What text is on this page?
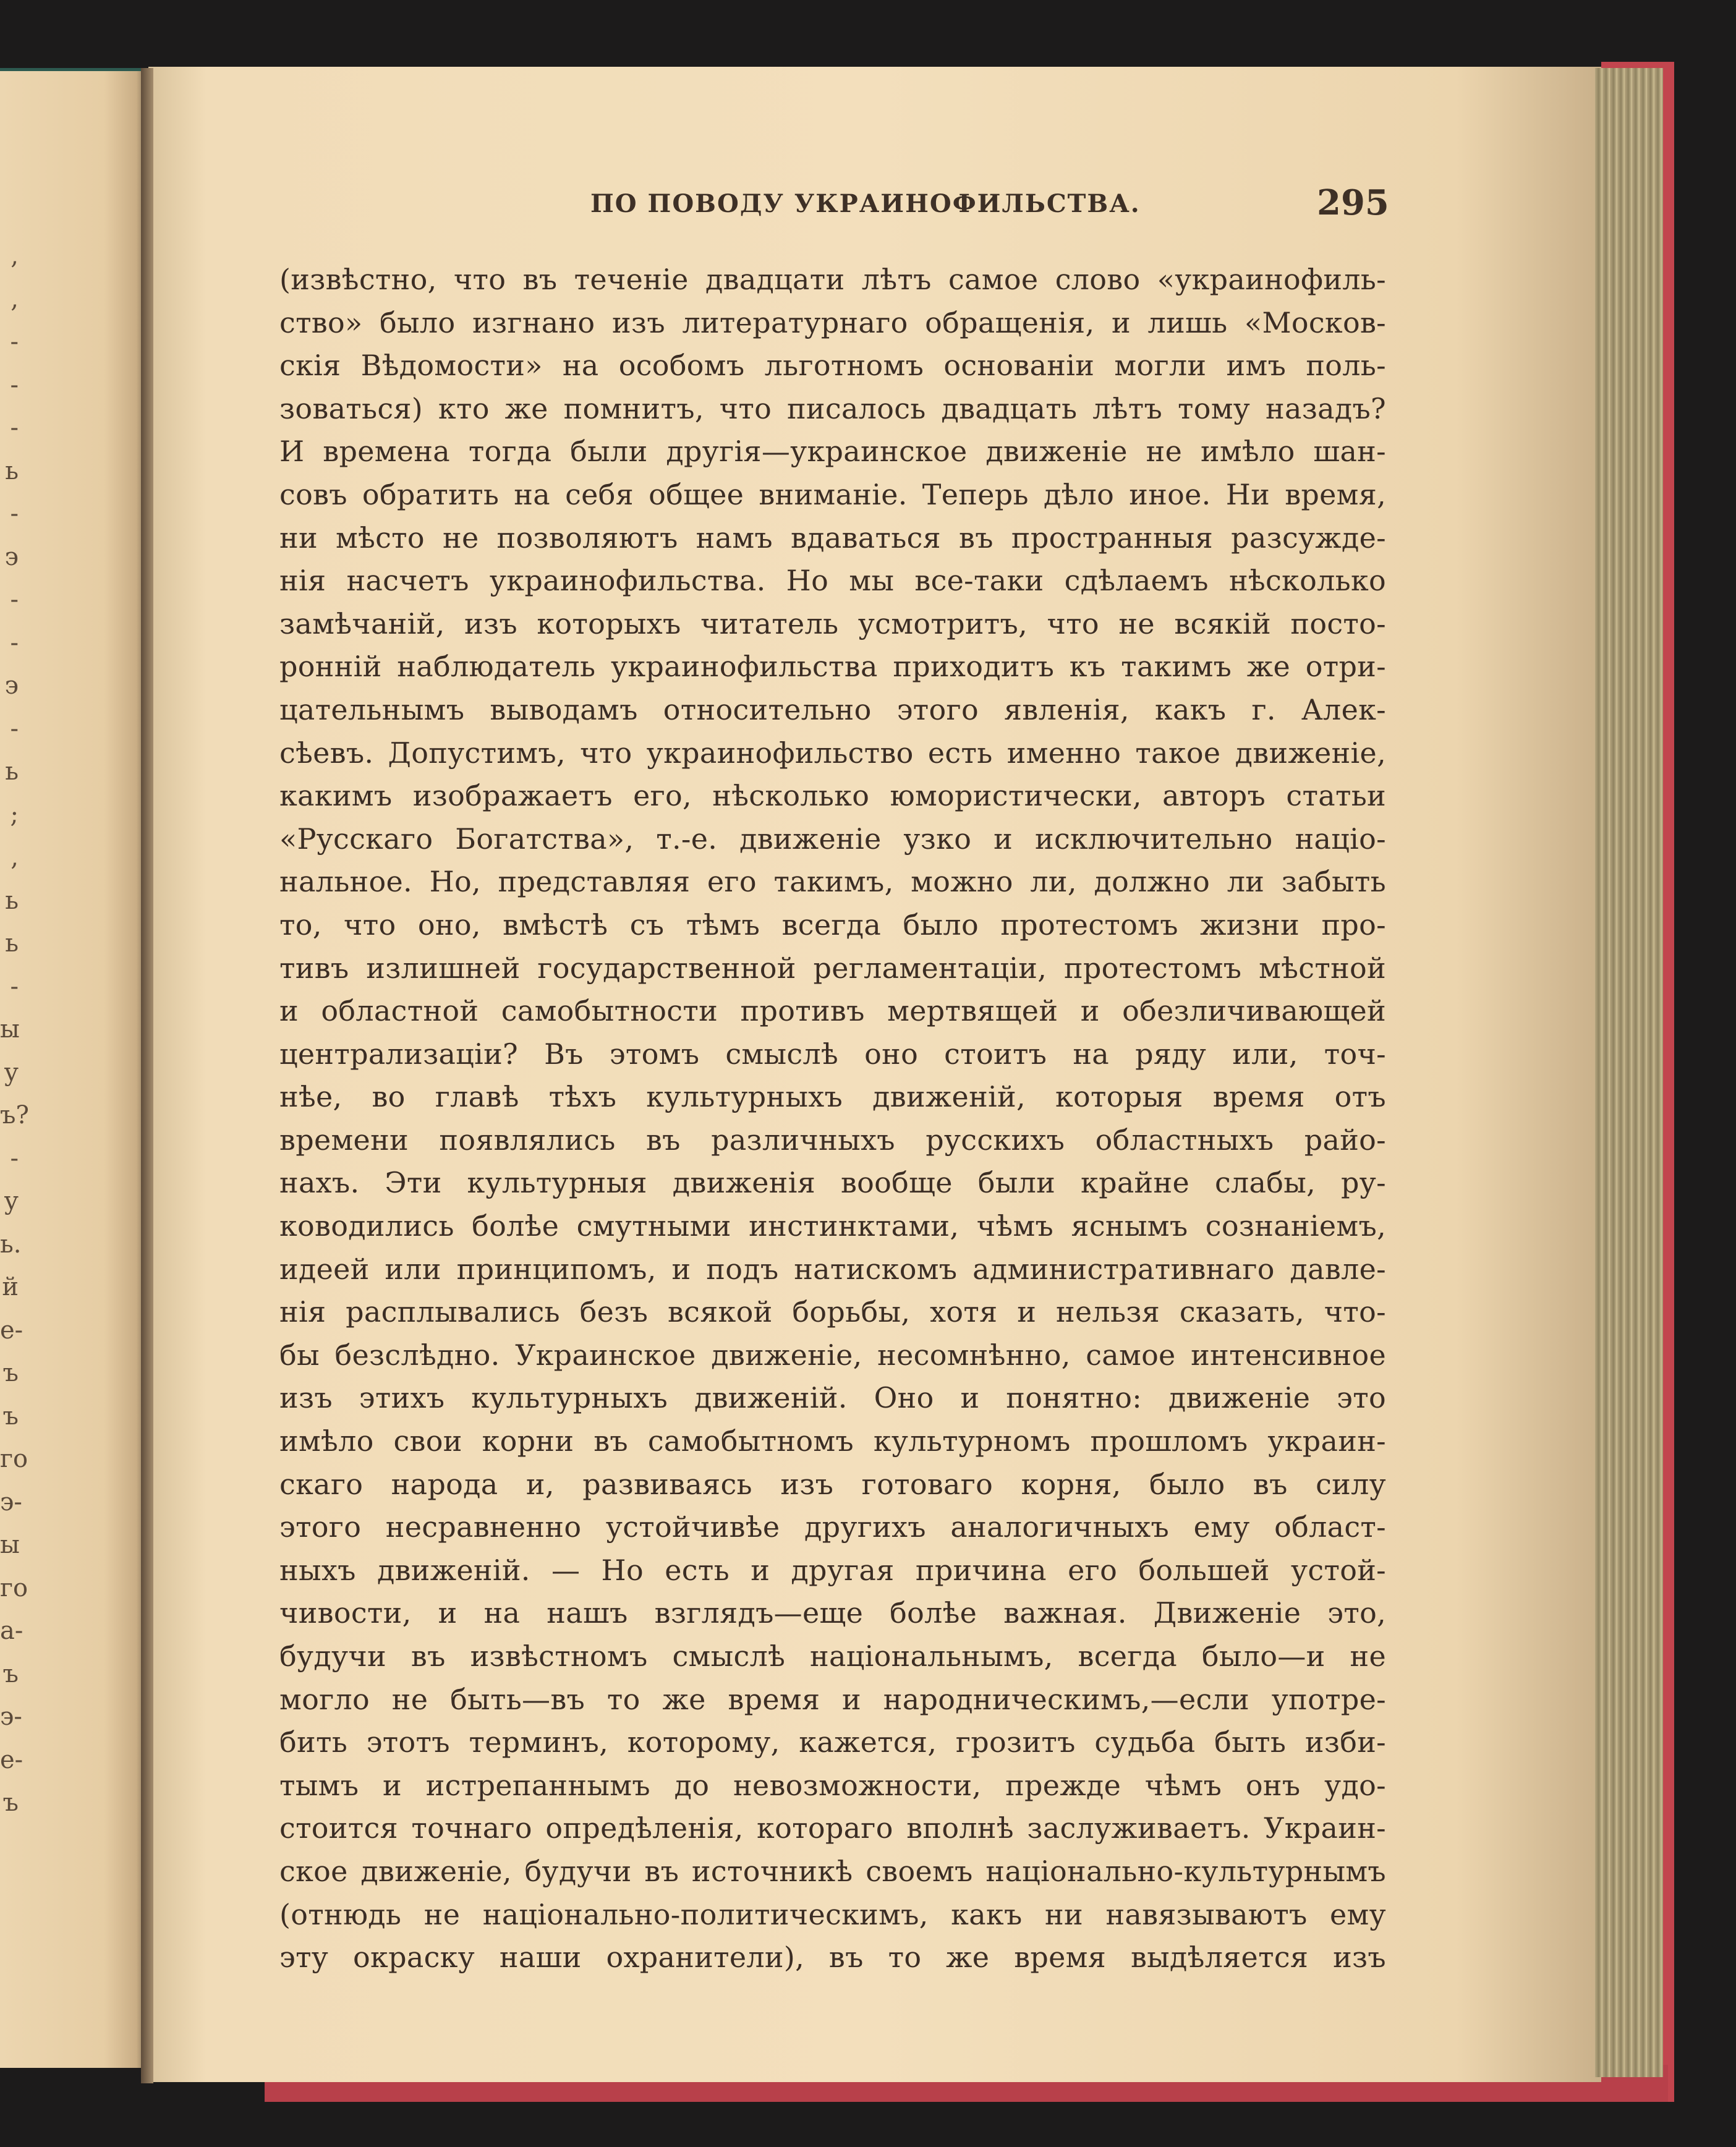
,
,
-
-
-
ь
-
э
-
-
э
-
ь
;
,
ь
ь
-
ы
у
ъ?
-
у
ь.
й
е-
ъ
ъ
го
э-
ы
го
а-
ъ
э-
е-
ъ
ПО ПОВОДУ УКРАИНОФИЛЬСТВА.	295
(извѣстно, что въ теченіе двадцати лѣтъ самое слово «украинофиль-
ство» было изгнано изъ литературнаго обращенія, и лишь «Москов-
скія Вѣдомости» на особомъ льготномъ основаніи могли имъ поль-
зоваться) кто же помнитъ, что писалось двадцать лѣтъ тому назадъ?
И времена тогда были другія—украинское движеніе не имѣло шан-
совъ обратить на себя общее вниманіе. Теперь дѣло иное. Ни время,
ни мѣсто не позволяютъ намъ вдаваться въ пространныя разсужде-
нія насчетъ украинофильства. Но мы все-таки сдѣлаемъ нѣсколько
замѣчаній, изъ которыхъ читатель усмотритъ, что не всякій посто-
ронній наблюдатель украинофильства приходитъ къ такимъ же отри-
цательнымъ выводамъ относительно этого явленія, какъ г. Алек-
сѣевъ. Допустимъ, что украинофильство есть именно такое движеніе,
какимъ изображаетъ его, нѣсколько юмористически, авторъ статьи
«Русскаго Богатства», т.-е. движеніе узко и исключительно націо-
нальное. Но, представляя его такимъ, можно ли, должно ли забыть
то, что оно, вмѣстѣ съ тѣмъ всегда было протестомъ жизни про-
тивъ излишней государственной регламентаціи, протестомъ мѣстной
и областной самобытности противъ мертвящей и обезличивающей
централизаціи? Въ этомъ смыслѣ оно стоитъ на ряду или, точ-
нѣе, во главѣ тѣхъ культурныхъ движеній, которыя время отъ
времени появлялись въ различныхъ русскихъ областныхъ райо-
нахъ. Эти культурныя движенія вообще были крайне слабы, ру-
ководились болѣе смутными инстинктами, чѣмъ яснымъ сознаніемъ,
идеей или принципомъ, и подъ натискомъ административнаго давле-
нія расплывались безъ всякой борьбы, хотя и нельзя сказать, что-
бы безслѣдно. Украинское движеніе, несомнѣнно, самое интенсивное
изъ этихъ культурныхъ движеній. Оно и понятно: движеніе это
имѣло свои корни въ самобытномъ культурномъ прошломъ украин-
скаго народа и, развиваясь изъ готоваго корня, было въ силу
этого несравненно устойчивѣе другихъ аналогичныхъ ему област-
ныхъ движеній. — Но есть и другая причина его большей устой-
чивости, и на нашъ взглядъ—еще болѣе важная. Движеніе это,
будучи въ извѣстномъ смыслѣ національнымъ, всегда было—и не
могло не быть—въ то же время и народническимъ,—если употре-
бить этотъ терминъ, которому, кажется, грозитъ судьба быть изби-
тымъ и истрепаннымъ до невозможности, прежде чѣмъ онъ удо-
стоится точнаго опредѣленія, котораго вполнѣ заслуживаетъ. Украин-
ское движеніе, будучи въ источникѣ своемъ національно-культурнымъ
(отнюдь не національно-политическимъ, какъ ни навязываютъ ему
эту окраску наши охранители), въ то же время выдѣляется изъ
